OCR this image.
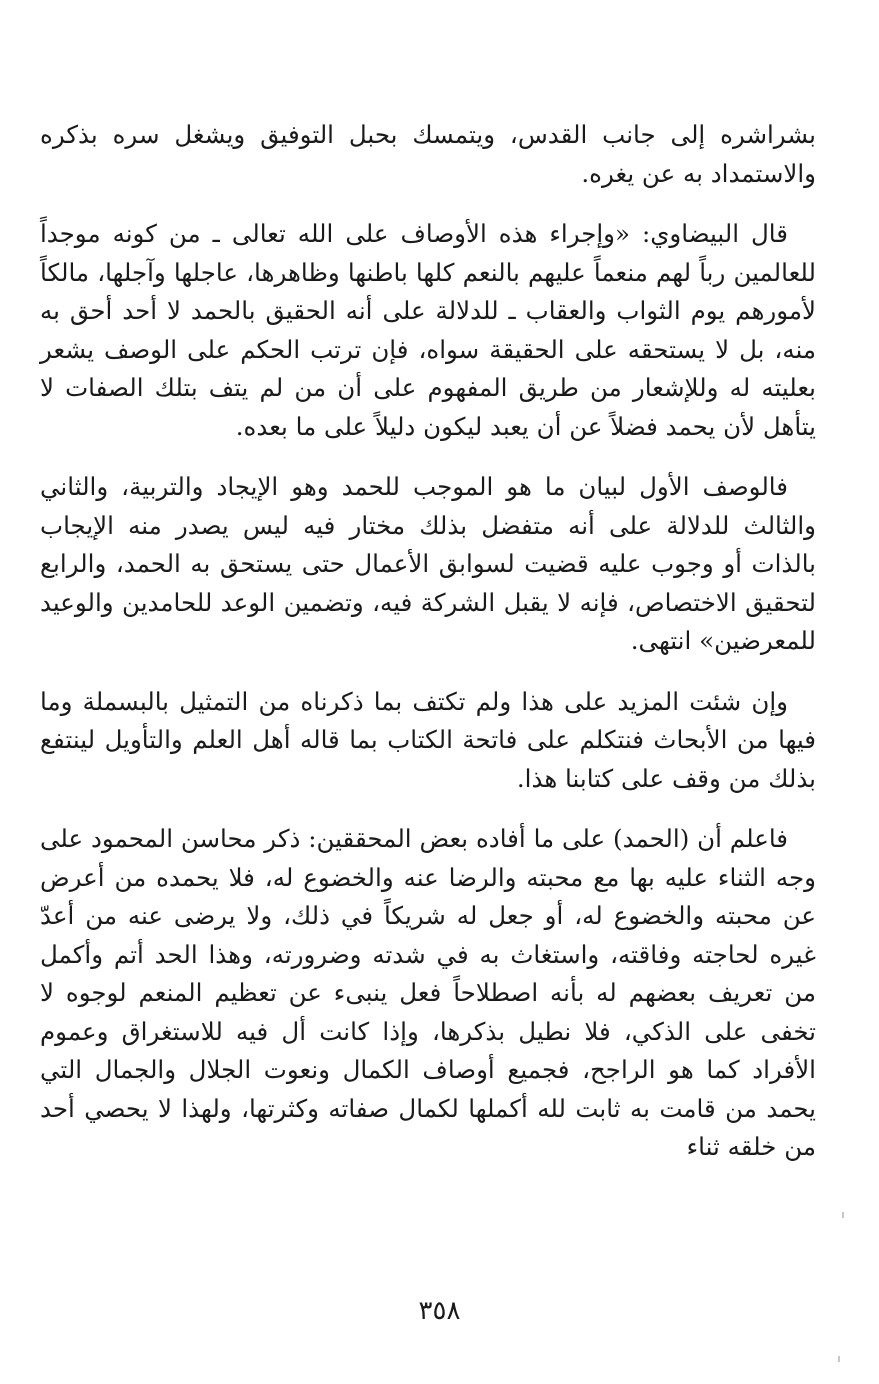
بشراشره إلى جانب القدس، ويتمسك بحبل التوفيق ويشغل سره بذكره والاستمداد به عن يغره.

قال البيضاوي: «وإجراء هذه الأوصاف على الله تعالى ـ من كونه موجداً للعالمين رباً لهم منعماً عليهم بالنعم كلها باطنها وظاهرها، عاجلها وآجلها، مالكاً لأمورهم يوم الثواب والعقاب ـ للدلالة على أنه الحقيق بالحمد لا أحد أحق به منه، بل لا يستحقه على الحقيقة سواه، فإن ترتب الحكم على الوصف يشعر بعليته له وللإشعار من طريق المفهوم على أن من لم يتف بتلك الصفات لا يتأهل لأن يحمد فضلاً عن أن يعبد ليكون دليلاً على ما بعده.

فالوصف الأول لبيان ما هو الموجب للحمد وهو الإيجاد والتربية، والثاني والثالث للدلالة على أنه متفضل بذلك مختار فيه ليس يصدر منه الإيجاب بالذات أو وجوب عليه قضيت لسوابق الأعمال حتى يستحق به الحمد، والرابع لتحقيق الاختصاص، فإنه لا يقبل الشركة فيه، وتضمين الوعد للحامدين والوعيد للمعرضين» انتهى.

وإن شئت المزيد على هذا ولم تكتف بما ذكرناه من التمثيل بالبسملة وما فيها من الأبحاث فنتكلم على فاتحة الكتاب بما قاله أهل العلم والتأويل لينتفع بذلك من وقف على كتابنا هذا.

فاعلم أن (الحمد) على ما أفاده بعض المحققين: ذكر محاسن المحمود على وجه الثناء عليه بها مع محبته والرضا عنه والخضوع له، فلا يحمده من أعرض عن محبته والخضوع له، أو جعل له شريكاً في ذلك، ولا يرضى عنه من أعدّ غيره لحاجته وفاقته، واستغاث به في شدته وضرورته، وهذا الحد أتم وأكمل من تعريف بعضهم له بأنه اصطلاحاً فعل ينبىء عن تعظيم المنعم لوجوه لا تخفى على الذكي، فلا نطيل بذكرها، وإذا كانت أل فيه للاستغراق وعموم الأفراد كما هو الراجح، فجميع أوصاف الكمال ونعوت الجلال والجمال التي يحمد من قامت به ثابت لله أكملها لكمال صفاته وكثرتها، ولهذا لا يحصي أحد من خلقه ثناء

٣٥٨
